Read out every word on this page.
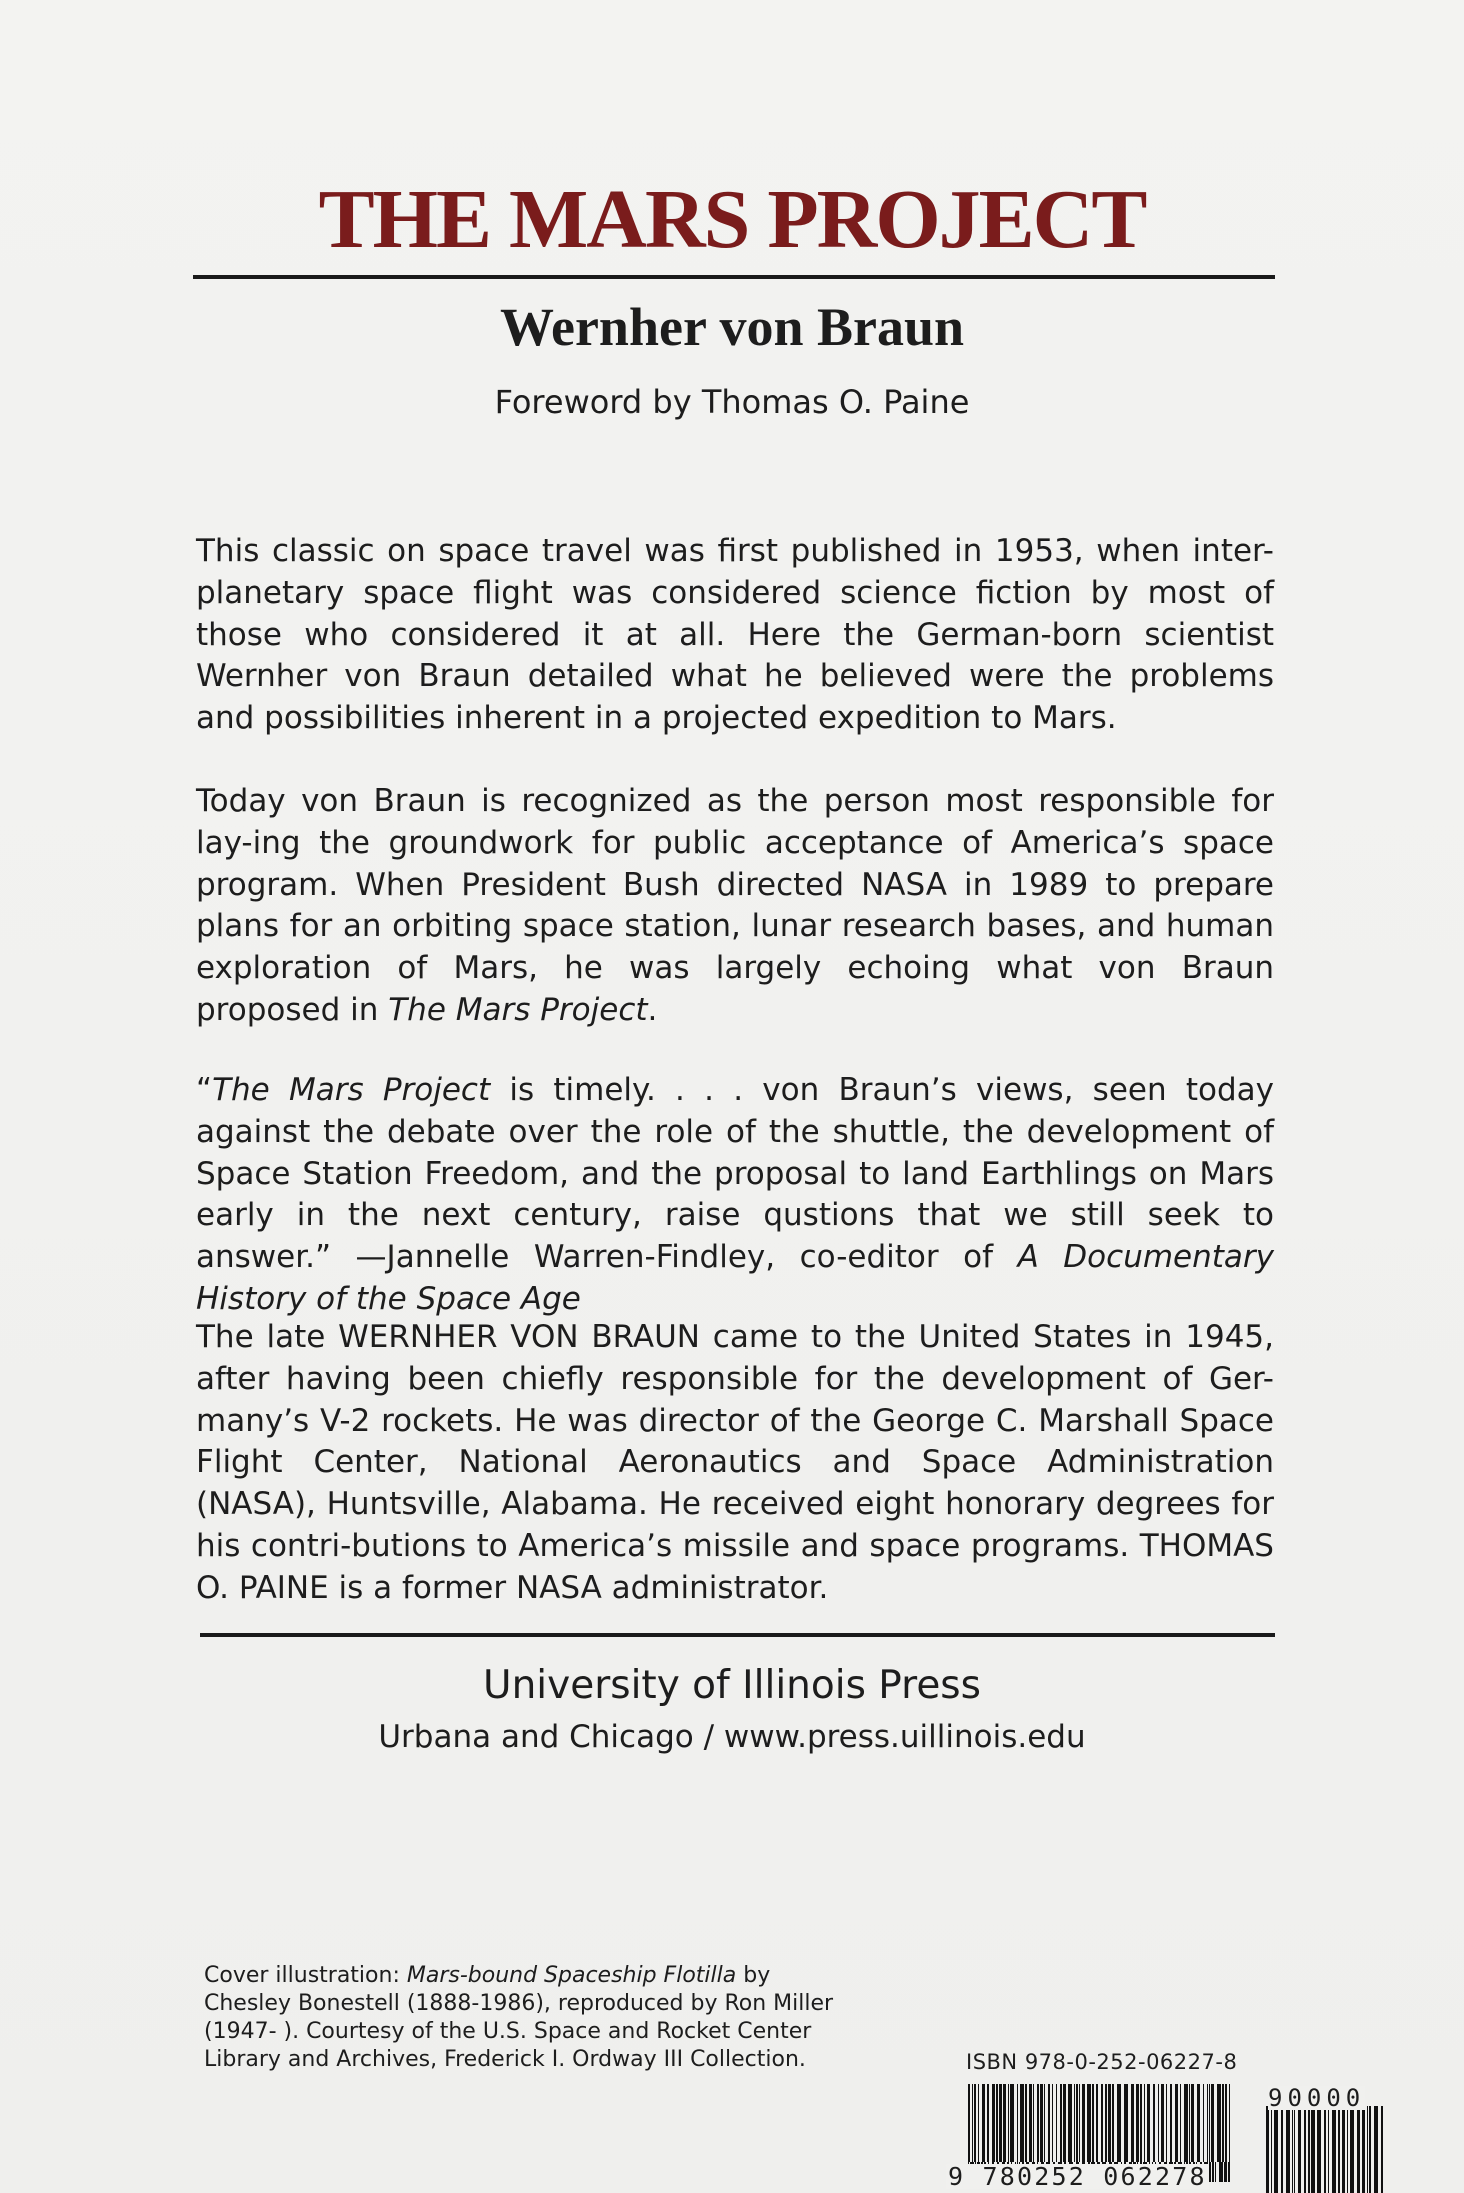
THE MARS PROJECT
Wernher von Braun
Foreword by Thomas O. Paine
This classic on space travel was first published in 1953, when inter-planetary space flight was considered science fiction by most of those who considered it at all. Here the German-born scientist Wernher von Braun detailed what he believed were the problems and possibilities inherent in a projected expedition to Mars.
Today von Braun is recognized as the person most responsible for lay-ing the groundwork for public acceptance of America’s space program. When President Bush directed NASA in 1989 to prepare plans for an orbiting space station, lunar research bases, and human exploration of Mars, he was largely echoing what von Braun proposed in The Mars Project.
“The Mars Project is timely. . . . von Braun’s views, seen today against the debate over the role of the shuttle, the development of Space Station Freedom, and the proposal to land Earthlings on Mars early in the next century, raise qustions that we still seek to answer.” —Jannelle Warren-Findley, co-editor of A Documentary History of the Space Age
The late WERNHER VON BRAUN came to the United States in 1945, after having been chiefly responsible for the development of Ger-many’s V-2 rockets. He was director of the George C. Marshall Space Flight Center, National Aeronautics and Space Administration (NASA), Huntsville, Alabama. He received eight honorary degrees for his contri-butions to America’s missile and space programs. THOMAS O. PAINE is a former NASA administrator.
University of Illinois Press
Urbana and Chicago / www.press.uillinois.edu
Cover illustration: Mars-bound Spaceship Flotilla by Chesley Bonestell (1888-1986), reproduced by Ron Miller (1947- ). Courtesy of the U.S. Space and Rocket Center Library and Archives, Frederick I. Ordway III Collection.	ISBN 978-0-252-06227-8
90000
9 780252 062278
